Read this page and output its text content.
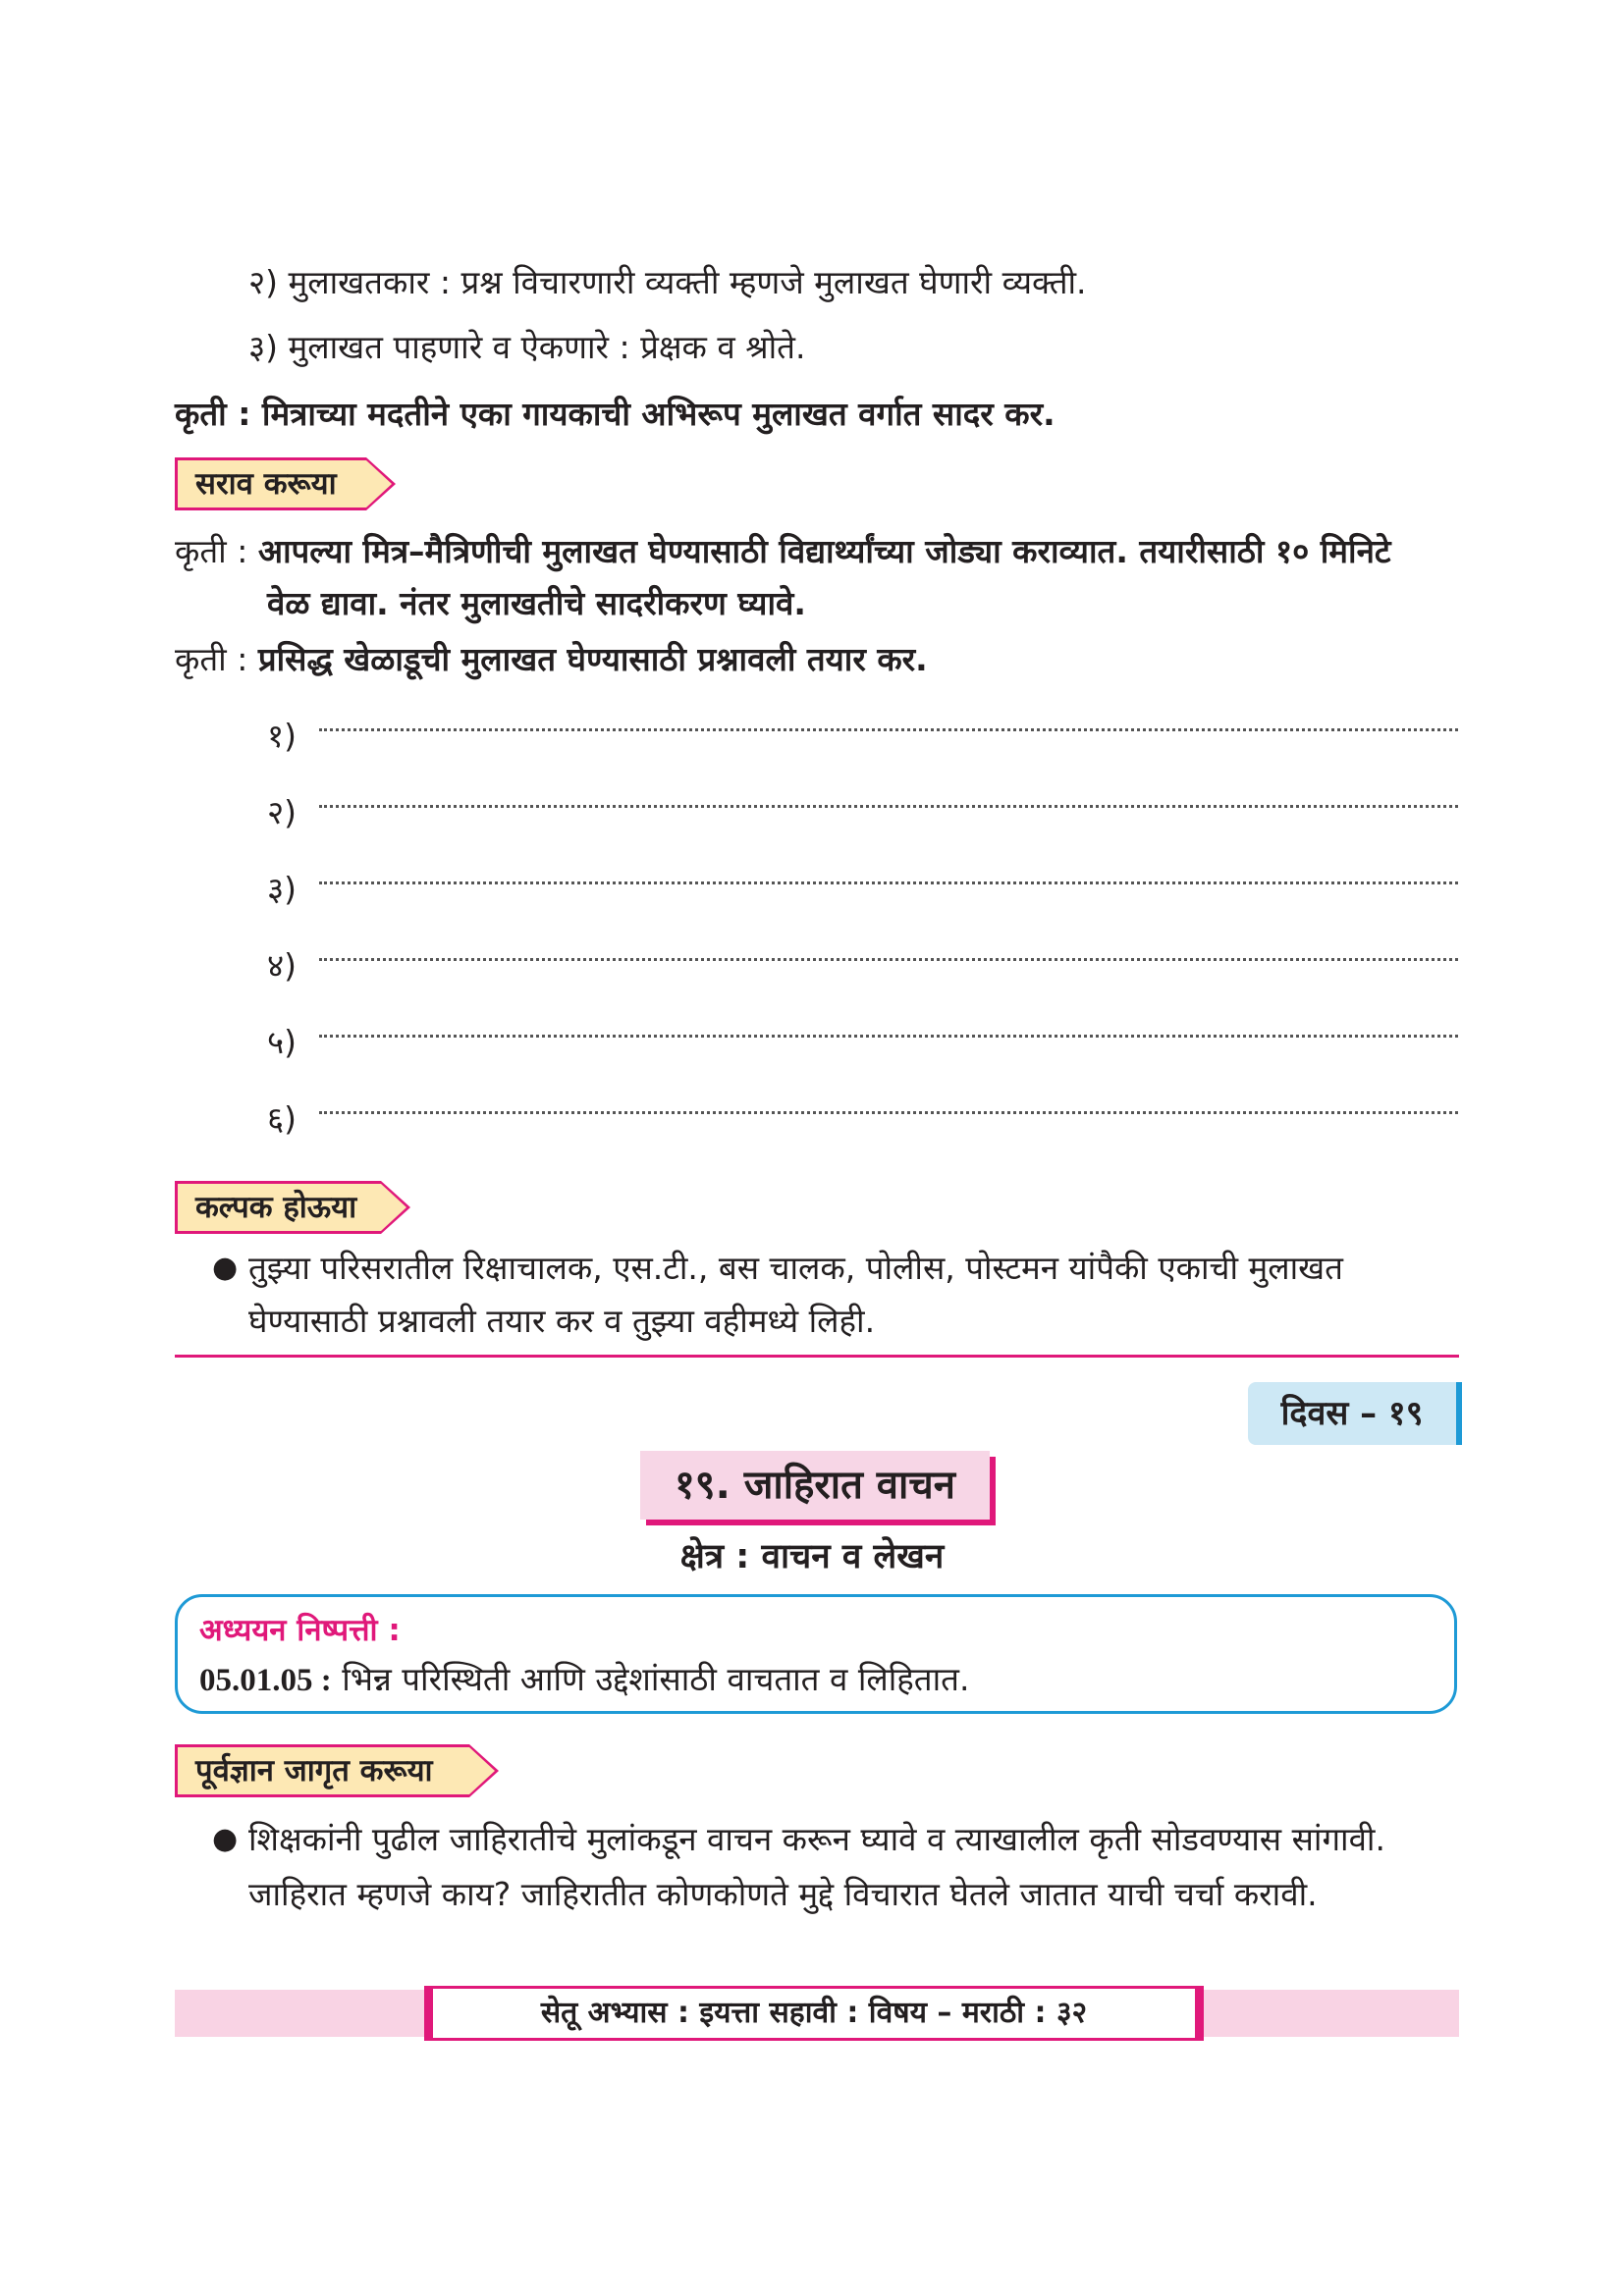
२) मुलाखतकार : प्रश्न विचारणारी व्यक्ती म्हणजे मुलाखत घेणारी व्यक्ती.
३) मुलाखत पाहणारे व ऐकणारे : प्रेक्षक व श्रोते.
कृती : मित्राच्या मदतीने एका गायकाची अभिरूप मुलाखत वर्गात सादर कर.
सराव करूया
कृती : आपल्या मित्र–मैत्रिणीची मुलाखत घेण्यासाठी विद्यार्थ्यांच्या जोड्या कराव्यात. तयारीसाठी १० मिनिटे
वेळ द्यावा. नंतर मुलाखतीचे सादरीकरण घ्यावे.
कृती : प्रसिद्ध खेळाडूची मुलाखत घेण्यासाठी प्रश्नावली तयार कर.
१)
२)
३)
४)
५)
६)
कल्पक होऊया
● तुझ्या परिसरातील रिक्षाचालक, एस.टी., बस चालक, पोलीस, पोस्टमन यांपैकी एकाची मुलाखत
घेण्यासाठी प्रश्नावली तयार कर व तुझ्या वहीमध्ये लिही.
दिवस – १९
१९. जाहिरात वाचन
क्षेत्र : वाचन व लेखन
अध्ययन निष्पत्ती :
05.01.05 : भिन्न परिस्थिती आणि उद्देशांसाठी वाचतात व लिहितात.
पूर्वज्ञान जागृत करूया
● शिक्षकांनी पुढील जाहिरातीचे मुलांकडून वाचन करून घ्यावे व त्याखालील कृती सोडवण्यास सांगावी.
जाहिरात म्हणजे काय? जाहिरातीत कोणकोणते मुद्दे विचारात घेतले जातात याची चर्चा करावी.
सेतू अभ्यास : इयत्ता सहावी : विषय – मराठी : ३२
